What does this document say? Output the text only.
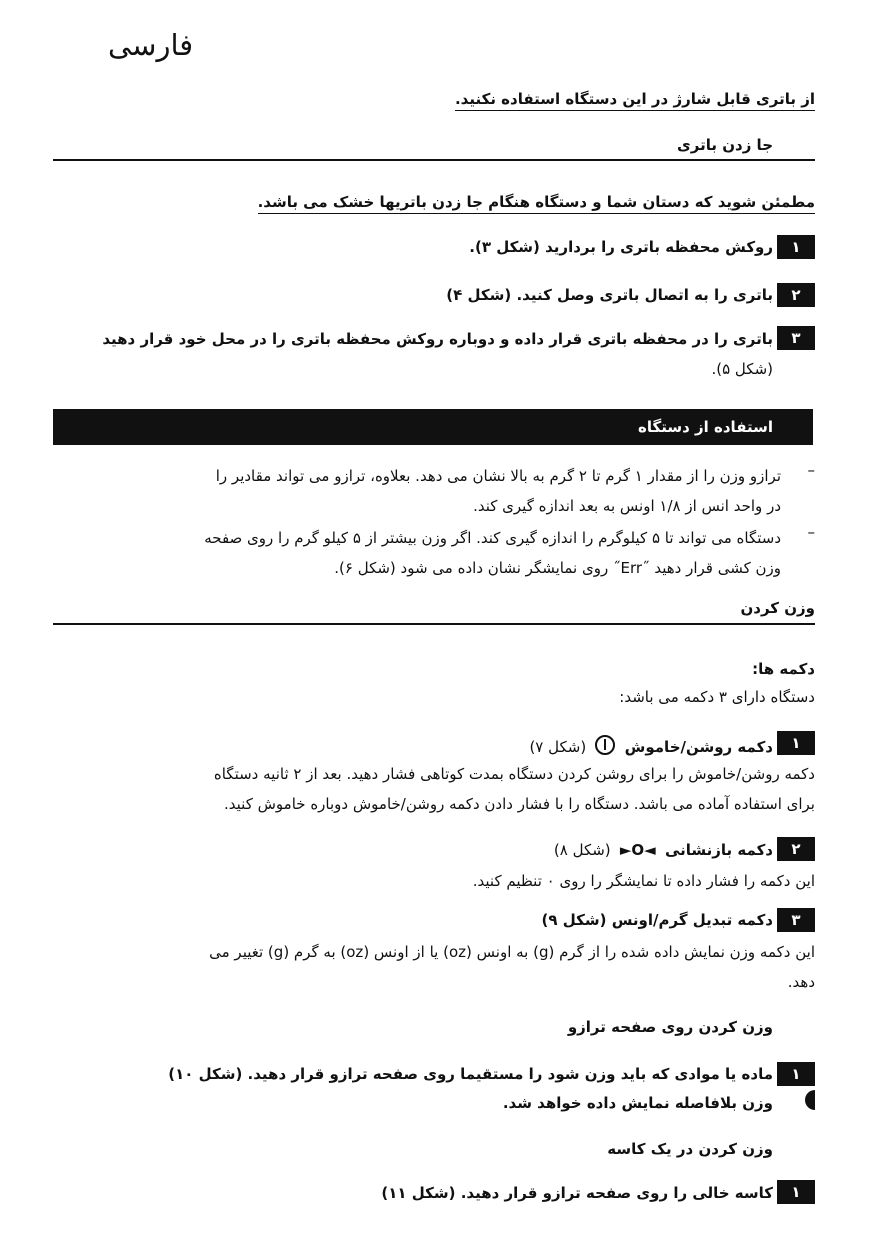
فارسی
از باتری قابل شارژ در این دستگاه استفاده نکنید.
جا زدن باتری
مطمئن شوید که دستان شما و دستگاه هنگام جا زدن باتریها خشک می باشد.
۱
روکش محفظه باتری را بردارید (شکل ۳).
۲
باتری را به اتصال باتری وصل کنید. (شکل ۴)
۳
باتری را در محفظه باتری قرار داده و دوباره روکش محفظه باتری را در محل خود قرار دهید
(شکل ۵).
استفاده از دستگاه
–
ترازو وزن را از مقدار ۱ گرم تا ۲ گرم به بالا نشان می دهد. بعلاوه، ترازو می تواند مقادیر را
در واحد انس از ۱/۸ اونس به بعد اندازه گیری کند.
–
دستگاه می تواند تا ۵ کیلوگرم را اندازه گیری کند. اگر وزن بیشتر از ۵ کیلو گرم را روی صفحه
وزن کشی قرار دهید ˝Err˝ روی نمایشگر نشان داده می شود (شکل ۶).
وزن کردن
دکمه ها:
دستگاه دارای ۳ دکمه می باشد:
۱
دکمه روشن/خاموش  (شکل ۷)
دکمه روشن/خاموش را برای روشن کردن دستگاه بمدت کوتاهی فشار دهید. بعد از ۲ ثانیه دستگاه
برای استفاده آماده می باشد. دستگاه را با فشار دادن دکمه روشن/خاموش دوباره خاموش کنید.
۲
دکمه بازنشانی ►O◄ (شکل ۸)
این دکمه را فشار داده تا نمایشگر را روی ۰ تنظیم کنید.
۳
دکمه تبدیل گرم/اونس (شکل ۹)
این دکمه وزن نمایش داده شده را از گرم (g) به اونس (oz) یا از اونس (oz) به گرم (g) تغییر می
دهد.
وزن کردن روی صفحه ترازو
۱
ماده یا موادی که باید وزن شود را مستقیما روی صفحه ترازو قرار دهید. (شکل ۱۰)
وزن بلافاصله نمایش داده خواهد شد.
وزن کردن در یک کاسه
۱
کاسه خالی را روی صفحه ترازو قرار دهید. (شکل ۱۱)
